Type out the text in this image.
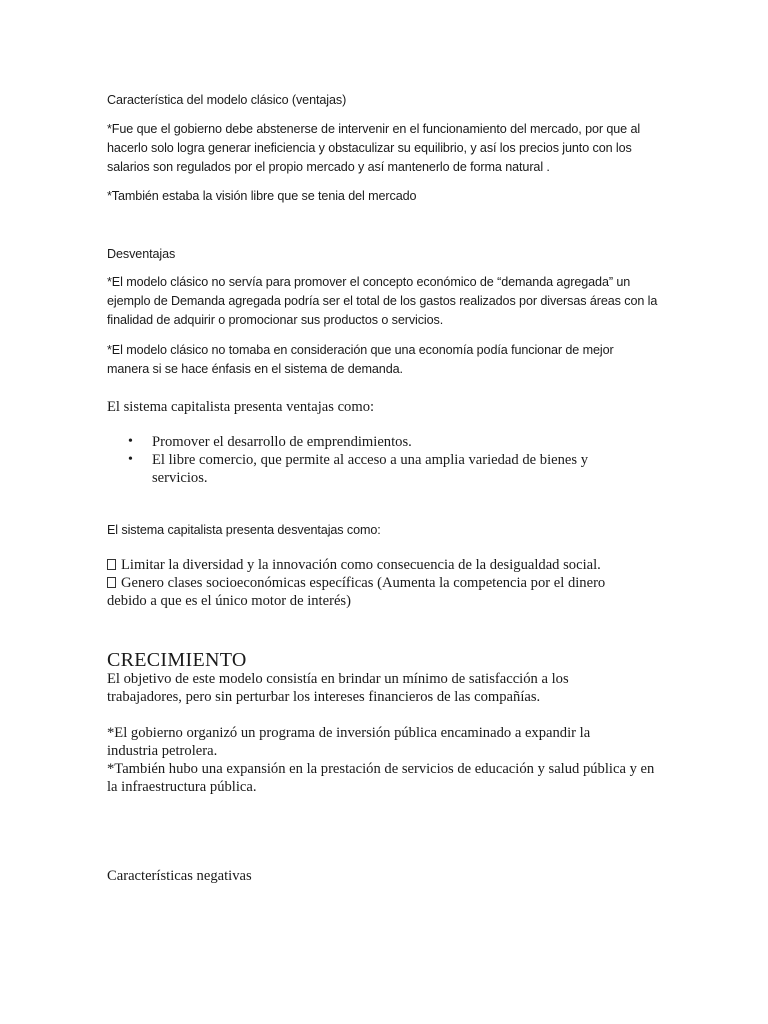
Característica del modelo clásico (ventajas)

*Fue que el gobierno debe abstenerse de intervenir en el funcionamiento del mercado, por que al hacerlo solo logra generar ineficiencia y obstaculizar su equilibrio, y así los precios junto con los salarios son regulados por el propio mercado y así mantenerlo de forma natural .

*También estaba la visión libre que se tenia del mercado

Desventajas

*El modelo clásico no servía para promover el concepto económico de “demanda agregada” un ejemplo de Demanda agregada podría ser el total de los gastos realizados por diversas áreas con la finalidad de adquirir o promocionar sus productos o servicios.

*El modelo clásico no tomaba en consideración que una economía podía funcionar de mejor manera si se hace énfasis en el sistema de demanda.

El sistema capitalista presenta ventajas como:

• Promover el desarrollo de emprendimientos.
• El libre comercio, que permite al acceso a una amplia variedad de bienes y servicios.

El sistema capitalista presenta desventajas como:

Limitar la diversidad y la innovación como consecuencia de la desigualdad social.
Genero clases socioeconómicas específicas (Aumenta la competencia por el dinero debido a que es el único motor de interés)

CRECIMIENTO

El objetivo de este modelo consistía en brindar un mínimo de satisfacción a los trabajadores, pero sin perturbar los intereses financieros de las compañías.

*El gobierno organizó un programa de inversión pública encaminado a expandir la industria petrolera.

*También hubo una expansión en la prestación de servicios de educación y salud pública y en la infraestructura pública.

Características negativas
